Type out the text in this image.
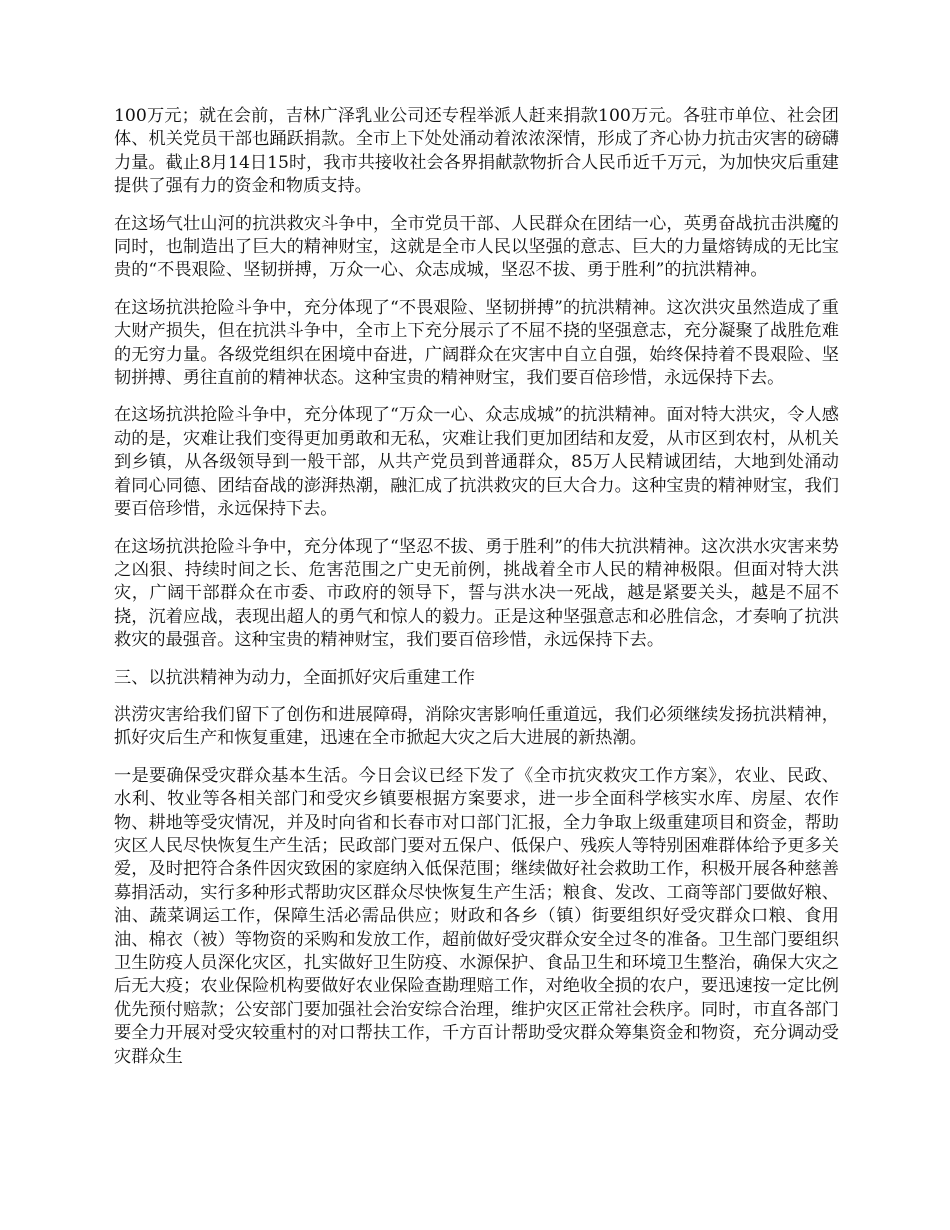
100万元；就在会前，吉林广泽乳业公司还专程举派人赶来捐款100万元。各驻市单位、社会团体、机关党员干部也踊跃捐款。全市上下处处涌动着浓浓深情，形成了齐心协力抗击灾害的磅礴力量。截止8月14日15时，我市共接收社会各界捐献款物折合人民币近千万元，为加快灾后重建提供了强有力的资金和物质支持。

在这场气壮山河的抗洪救灾斗争中，全市党员干部、人民群众在团结一心，英勇奋战抗击洪魔的同时，也制造出了巨大的精神财宝，这就是全市人民以坚强的意志、巨大的力量熔铸成的无比宝贵的“不畏艰险、坚韧拼搏，万众一心、众志成城，坚忍不拔、勇于胜利”的抗洪精神。

在这场抗洪抢险斗争中，充分体现了“不畏艰险、坚韧拼搏”的抗洪精神。这次洪灾虽然造成了重大财产损失，但在抗洪斗争中，全市上下充分展示了不屈不挠的坚强意志，充分凝聚了战胜危难的无穷力量。各级党组织在困境中奋进，广阔群众在灾害中自立自强，始终保持着不畏艰险、坚韧拼搏、勇往直前的精神状态。这种宝贵的精神财宝，我们要百倍珍惜，永远保持下去。

在这场抗洪抢险斗争中，充分体现了“万众一心、众志成城”的抗洪精神。面对特大洪灾，令人感动的是，灾难让我们变得更加勇敢和无私，灾难让我们更加团结和友爱，从市区到农村，从机关到乡镇，从各级领导到一般干部，从共产党员到普通群众，85万人民精诚团结，大地到处涌动着同心同德、团结奋战的澎湃热潮，融汇成了抗洪救灾的巨大合力。这种宝贵的精神财宝，我们要百倍珍惜，永远保持下去。

在这场抗洪抢险斗争中，充分体现了“坚忍不拔、勇于胜利”的伟大抗洪精神。这次洪水灾害来势之凶狠、持续时间之长、危害范围之广史无前例，挑战着全市人民的精神极限。但面对特大洪灾，广阔干部群众在市委、市政府的领导下，誓与洪水决一死战，越是紧要关头，越是不屈不挠，沉着应战，表现出超人的勇气和惊人的毅力。正是这种坚强意志和必胜信念，才奏响了抗洪救灾的最强音。这种宝贵的精神财宝，我们要百倍珍惜，永远保持下去。

三、以抗洪精神为动力，全面抓好灾后重建工作

洪涝灾害给我们留下了创伤和进展障碍，消除灾害影响任重道远，我们必须继续发扬抗洪精神，抓好灾后生产和恢复重建，迅速在全市掀起大灾之后大进展的新热潮。

一是要确保受灾群众基本生活。今日会议已经下发了《全市抗灾救灾工作方案》，农业、民政、水利、牧业等各相关部门和受灾乡镇要根据方案要求，进一步全面科学核实水库、房屋、农作物、耕地等受灾情况，并及时向省和长春市对口部门汇报，全力争取上级重建项目和资金，帮助灾区人民尽快恢复生产生活；民政部门要对五保户、低保户、残疾人等特别困难群体给予更多关爱，及时把符合条件因灾致困的家庭纳入低保范围；继续做好社会救助工作，积极开展各种慈善募捐活动，实行多种形式帮助灾区群众尽快恢复生产生活；粮食、发改、工商等部门要做好粮、油、蔬菜调运工作，保障生活必需品供应；财政和各乡（镇）街要组织好受灾群众口粮、食用油、棉衣（被）等物资的采购和发放工作，超前做好受灾群众安全过冬的准备。卫生部门要组织卫生防疫人员深化灾区，扎实做好卫生防疫、水源保护、食品卫生和环境卫生整治，确保大灾之后无大疫；农业保险机构要做好农业保险查勘理赔工作，对绝收全损的农户，要迅速按一定比例优先预付赔款；公安部门要加强社会治安综合治理，维护灾区正常社会秩序。同时，市直各部门要全力开展对受灾较重村的对口帮扶工作，千方百计帮助受灾群众筹集资金和物资，充分调动受灾群众生
